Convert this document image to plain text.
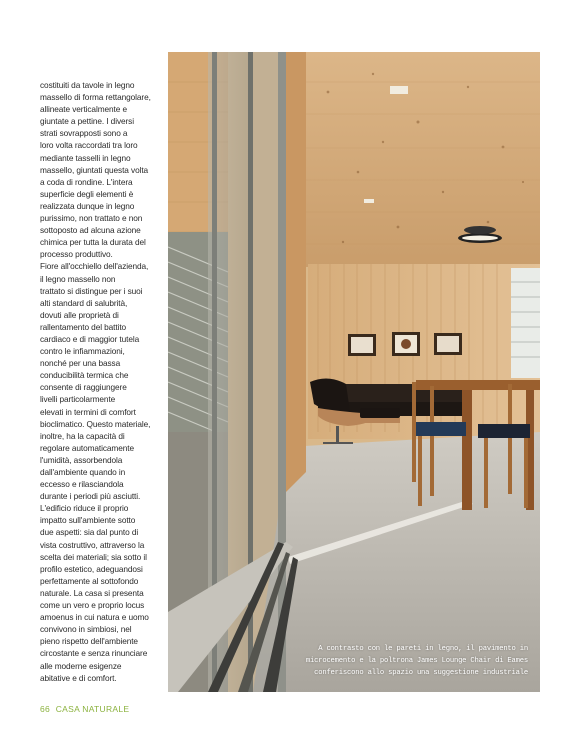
costituiti da tavole in legno
massello di forma rettangolare,
allineate verticalmente e
giuntate a pettine. I diversi
strati sovrapposti sono a
loro volta raccordati tra loro
mediante tasselli in legno
massello, giuntati questa volta
a coda di rondine. L'intera
superficie degli elementi è
realizzata dunque in legno
purissimo, non trattato e non
sottoposto ad alcuna azione
chimica per tutta la durata del
processo produttivo.
Fiore all'occhiello dell'azienda,
il legno massello non
trattato si distingue per i suoi
alti standard di salubrità,
dovuti alle proprietà di
rallentamento del battito
cardiaco e di maggior tutela
contro le infiammazioni,
nonché per una bassa
conducibilità termica che
consente di raggiungere
livelli particolarmente
elevati in termini di comfort
bioclimatico. Questo materiale,
inoltre, ha la capacità di
regolare automaticamente
l'umidità, assorbendola
dall'ambiente quando in
eccesso e rilasciandola
durante i periodi più asciutti.
L'edificio riduce il proprio
impatto sull'ambiente sotto
due aspetti: sia dal punto di
vista costruttivo, attraverso la
scelta dei materiali; sia sotto il
profilo estetico, adeguandosi
perfettamente al sottofondo
naturale. La casa si presenta
come un vero e proprio locus
amoenus in cui natura e uomo
convivono in simbiosi, nel
pieno rispetto dell'ambiente
circostante e senza rinunciare
alle moderne esigenze
abitative e di comfort.
A contrasto con le pareti in legno, il pavimento in
microcemento e la poltrona James Lounge Chair di Eames
conferiscono allo spazio una suggestione industriale
66 CASA NATURALE
